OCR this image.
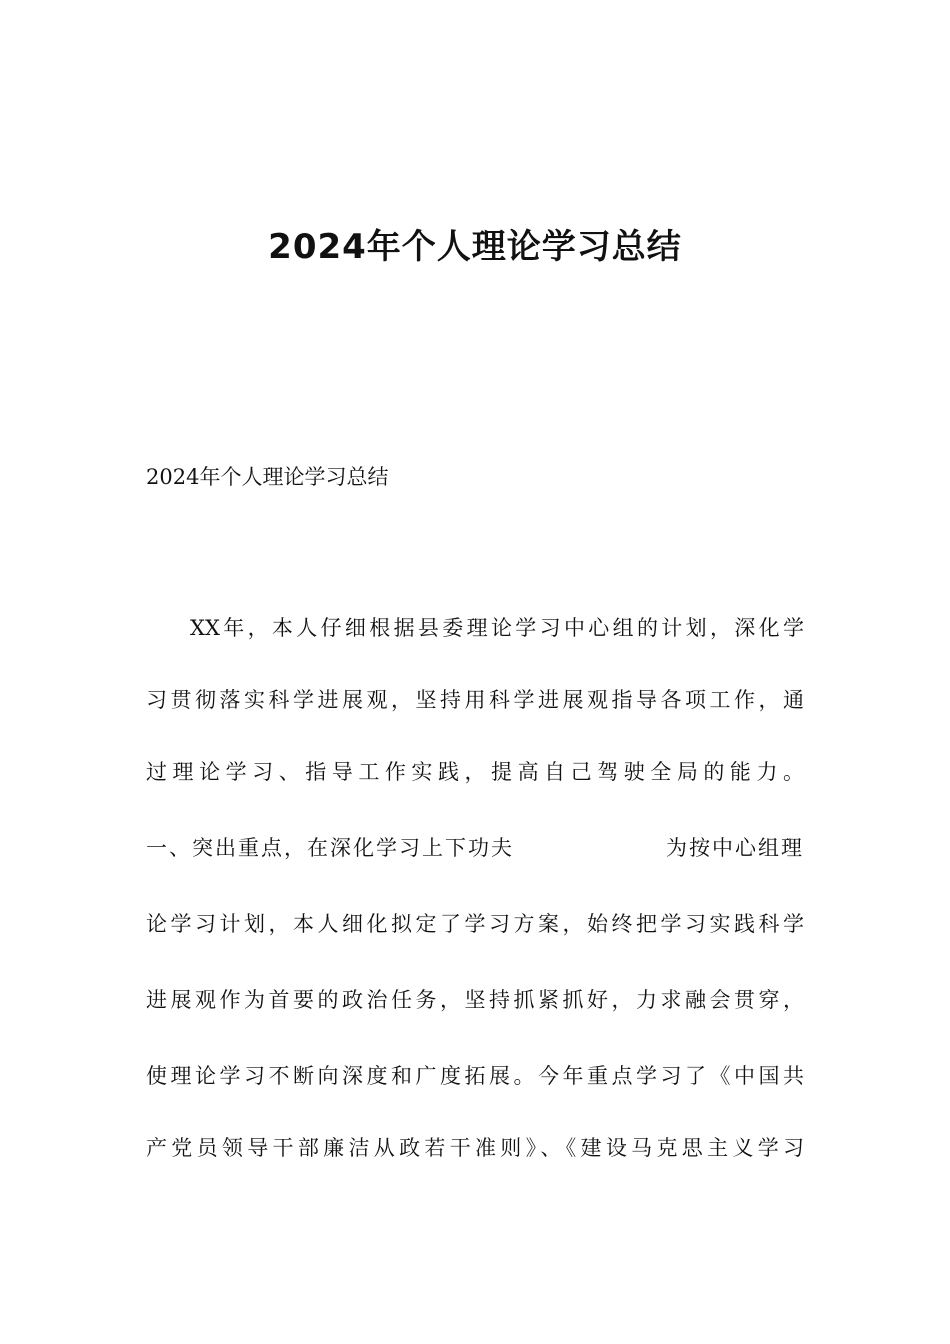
2024年个人理论学习总结

2024年个人理论学习总结

XX年，本人仔细根据县委理论学习中心组的计划，深化学

习贯彻落实科学进展观，坚持用科学进展观指导各项工作，通

过理论学习、指导工作实践，提高自己驾驶全局的能力。

一、突出重点，在深化学习上下功夫	为按中心组理

论学习计划，本人细化拟定了学习方案，始终把学习实践科学

进展观作为首要的政治任务，坚持抓紧抓好，力求融会贯穿，

使理论学习不断向深度和广度拓展。今年重点学习了《中国共

产党员领导干部廉洁从政若干准则》、《建设马克思主义学习
